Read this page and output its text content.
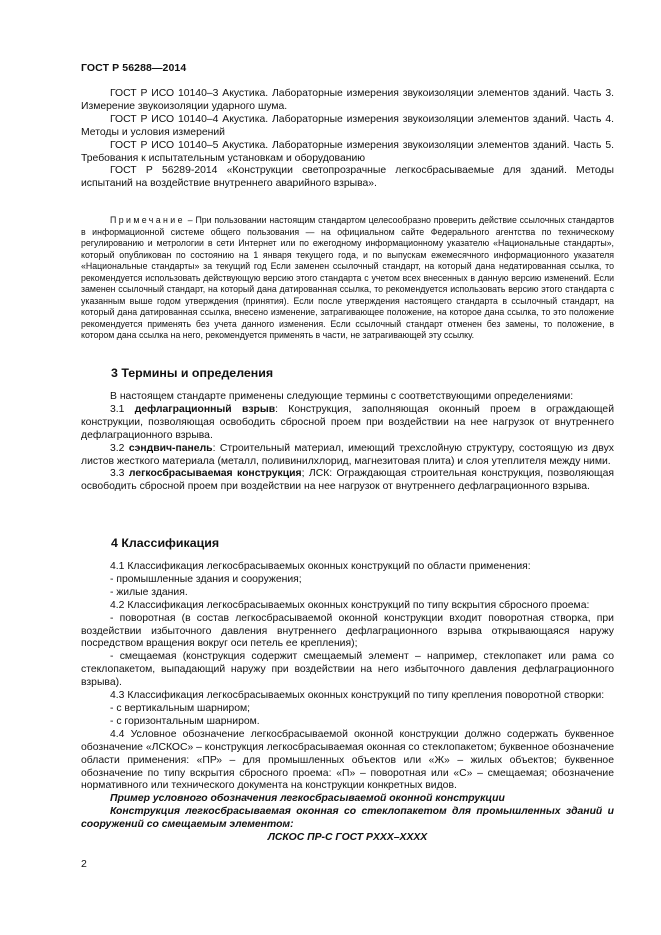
ГОСТ Р 56288—2014

ГОСТ Р ИСО 10140–3 Акустика. Лабораторные измерения звукоизоляции элементов зданий. Часть 3. Измерение звукоизоляции ударного шума.

ГОСТ Р ИСО 10140–4 Акустика. Лабораторные измерения звукоизоляции элементов зданий. Часть 4. Методы и условия измерений

ГОСТ Р ИСО 10140–5 Акустика. Лабораторные измерения звукоизоляции элементов зданий. Часть 5. Требования к испытательным установкам и оборудованию

ГОСТ Р 56289-2014 «Конструкции светопрозрачные легкосбрасываемые для зданий. Методы испытаний на воздействие внутреннего аварийного взрыва».

Примечание – При пользовании настоящим стандартом целесообразно проверить действие ссылочных стандартов в информационной системе общего пользования — на официальном сайте Федерального агентства по техническому регулированию и метрологии в сети Интернет или по ежегодному информационному указателю «Национальные стандарты», который опубликован по состоянию на 1 января текущего года, и по выпускам ежемесячного информационного указателя «Национальные стандарты» за текущий год Если заменен ссылочный стандарт, на который дана недатированная ссылка, то рекомендуется использовать действующую версию этого стандарта с учетом всех внесенных в данную версию изменений. Если заменен ссылочный стандарт, на который дана датированная ссылка, то рекомендуется использовать версию этого стандарта с указанным выше годом утверждения (принятия). Если после утверждения настоящего стандарта в ссылочный стандарт, на который дана датированная ссылка, внесено изменение, затрагивающее положение, на которое дана ссылка, то это положение рекомендуется применять без учета данного изменения. Если ссылочный стандарт отменен без замены, то положение, в котором дана ссылка на него, рекомендуется применять в части, не затрагивающей эту ссылку.

3 Термины и определения

В настоящем стандарте применены следующие термины с соответствующими определениями:

3.1 дефлаграционный взрыв: Конструкция, заполняющая оконный проем в ограждающей конструкции, позволяющая освободить сбросной проем при воздействии на нее нагрузок от внутреннего дефлаграционного взрыва.

3.2 сэндвич-панель: Строительный материал, имеющий трехслойную структуру, состоящую из двух листов жесткого материала (металл, поливинилхлорид, магнезитовая плита) и слоя утеплителя между ними.

3.3 легкосбрасываемая конструкция; ЛСК: Ограждающая строительная конструкция, позволяющая освободить сбросной проем при воздействии на нее нагрузок от внутреннего дефлаграционного взрыва.

4 Классификация

4.1 Классификация легкосбрасываемых оконных конструкций по области применения:

- промышленные здания и сооружения;

- жилые здания.

4.2 Классификация легкосбрасываемых оконных конструкций по типу вскрытия сбросного проема:

- поворотная (в состав легкосбрасываемой оконной конструкции входит поворотная створка, при воздействии избыточного давления внутреннего дефлаграционного взрыва открывающаяся наружу посредством вращения вокруг оси петель ее крепления);

- смещаемая (конструкция содержит смещаемый элемент – например, стеклопакет или рама со стеклопакетом, выпадающий наружу при воздействии на него избыточного давления дефлаграционного взрыва).

4.3 Классификация легкосбрасываемых оконных конструкций по типу крепления поворотной створки:

- с вертикальным шарниром;

- с горизонтальным шарниром.

4.4 Условное обозначение легкосбрасываемой оконной конструкции должно содержать буквенное обозначение «ЛСКОС» – конструкция легкосбрасываемая оконная со стеклопакетом; буквенное обозначение области применения: «ПР» – для промышленных объектов или «Ж» – жилых объектов; буквенное обозначение по типу вскрытия сбросного проема: «П» – поворотная или «С» – смещаемая; обозначение нормативного или технического документа на конструкции конкретных видов.

Пример условного обозначения легкосбрасываемой оконной конструкции

Конструкция легкосбрасываемая оконная со стеклопакетом для промышленных зданий и сооружений со смещаемым элементом:

ЛСКОС ПР-С ГОСТ РXXX–XXXX

2
